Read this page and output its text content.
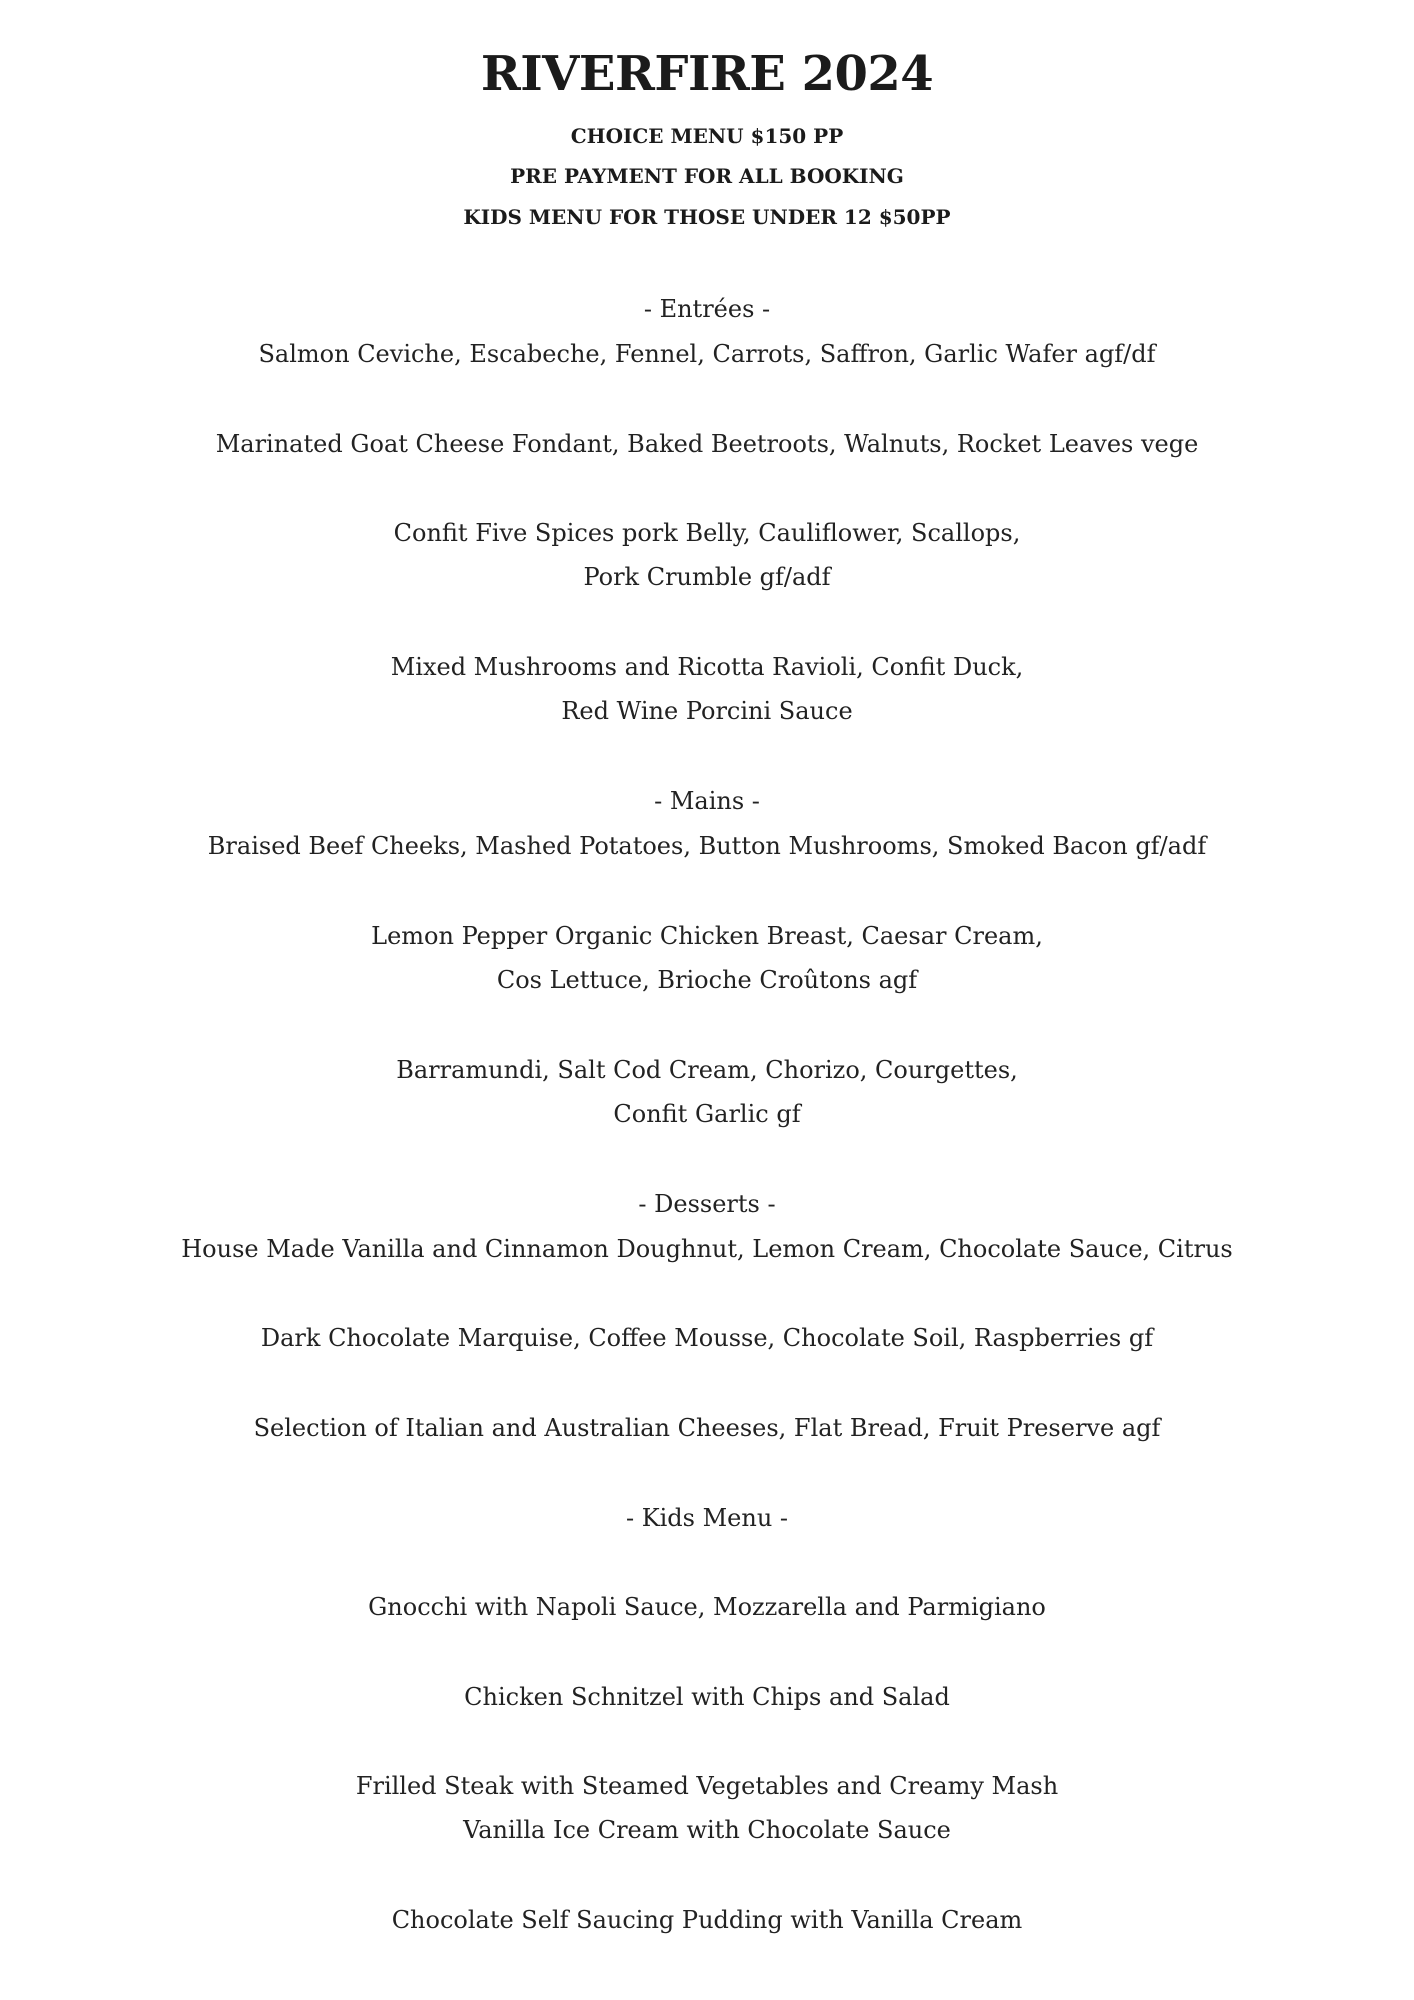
RIVERFIRE 2024
CHOICE MENU $150 PP
PRE PAYMENT FOR ALL BOOKING
KIDS MENU FOR THOSE UNDER 12 $50PP
- Entrées -
Salmon Ceviche, Escabeche, Fennel, Carrots, Saffron, Garlic Wafer agf/df
Marinated Goat Cheese Fondant, Baked Beetroots, Walnuts, Rocket Leaves vege
Confit Five Spices pork Belly, Cauliflower, Scallops,
Pork Crumble gf/adf
Mixed Mushrooms and Ricotta Ravioli, Confit Duck,
Red Wine Porcini Sauce
- Mains -
Braised Beef Cheeks, Mashed Potatoes, Button Mushrooms, Smoked Bacon gf/adf
Lemon Pepper Organic Chicken Breast, Caesar Cream,
Cos Lettuce, Brioche Croûtons agf
Barramundi, Salt Cod Cream, Chorizo, Courgettes,
Confit Garlic gf
- Desserts -
House Made Vanilla and Cinnamon Doughnut, Lemon Cream, Chocolate Sauce, Citrus
Dark Chocolate Marquise, Coffee Mousse, Chocolate Soil, Raspberries gf
Selection of Italian and Australian Cheeses, Flat Bread, Fruit Preserve agf
- Kids Menu -
Gnocchi with Napoli Sauce, Mozzarella and Parmigiano
Chicken Schnitzel with Chips and Salad
Frilled Steak with Steamed Vegetables and Creamy Mash
Vanilla Ice Cream with Chocolate Sauce
Chocolate Self Saucing Pudding with Vanilla Cream
